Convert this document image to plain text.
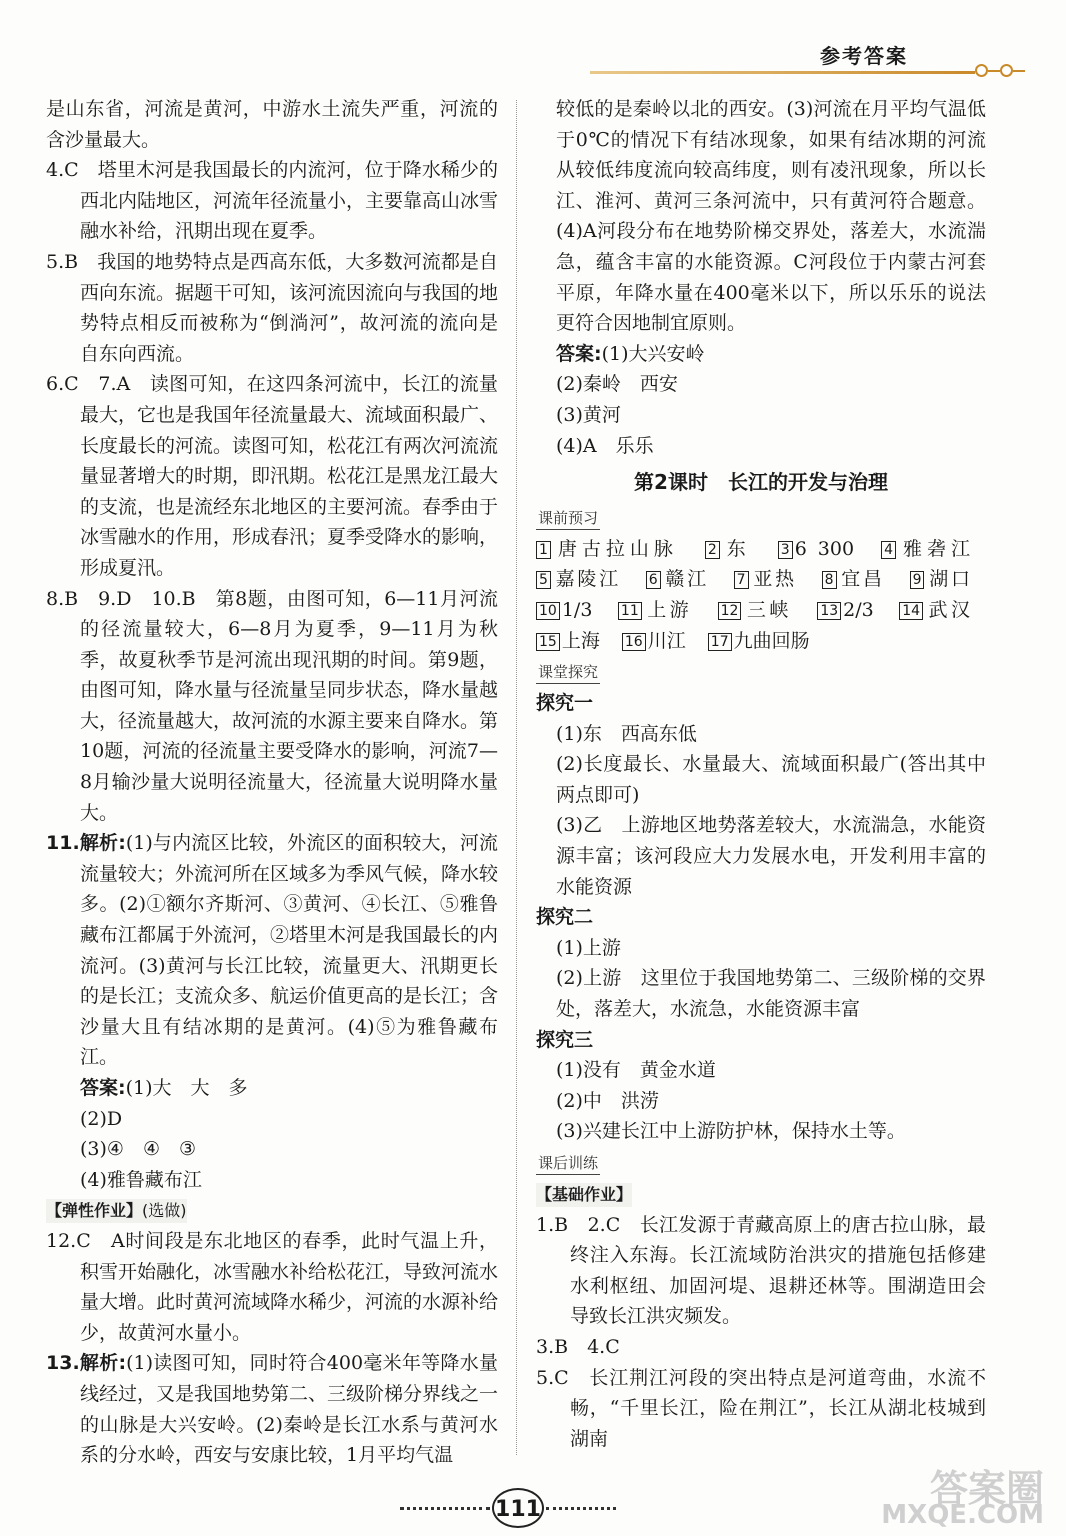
参考答案

是山东省，河流是黄河，中游水土流失严重，河流的含沙量最大。

4.C　塔里木河是我国最长的内流河，位于降水稀少的西北内陆地区，河流年径流量小，主要靠高山冰雪融水补给，汛期出现在夏季。

5.B　我国的地势特点是西高东低，大多数河流都是自西向东流。据题干可知，该河流因流向与我国的地势特点相反而被称为“倒淌河”，故河流的流向是自东向西流。

6.C　7.A　读图可知，在这四条河流中，长江的流量最大，它也是我国年径流量最大、流域面积最广、长度最长的河流。读图可知，松花江有两次河流流量显著增大的时期，即汛期。松花江是黑龙江最大的支流，也是流经东北地区的主要河流。春季由于冰雪融水的作用，形成春汛；夏季受降水的影响，形成夏汛。

8.B　9.D　10.B　第8题，由图可知，6—11月河流的径流量较大，6—8月为夏季，9—11月为秋季，故夏秋季节是河流出现汛期的时间。第9题，由图可知，降水量与径流量呈同步状态，降水量越大，径流量越大，故河流的水源主要来自降水。第10题，河流的径流量主要受降水的影响，河流7—8月输沙量大说明径流量大，径流量大说明降水量大。

11.解析:(1)与内流区比较，外流区的面积较大，河流流量较大；外流河所在区域多为季风气候，降水较多。(2)①额尔齐斯河、③黄河、④长江、⑤雅鲁藏布江都属于外流河，②塔里木河是我国最长的内流河。(3)黄河与长江比较，流量更大、汛期更长的是长江；支流众多、航运价值更高的是长江；含沙量大且有结冰期的是黄河。(4)⑤为雅鲁藏布江。

答案:(1)大　大　多

(2)D

(3)④　④　③

(4)雅鲁藏布江

【弹性作业】(选做)

12.C　A时间段是东北地区的春季，此时气温上升，积雪开始融化，冰雪融水补给松花江，导致河流水量大增。此时黄河流域降水稀少，河流的水源补给少，故黄河水量小。

13.解析:(1)读图可知，同时符合400毫米年等降水量线经过，又是我国地势第二、三级阶梯分界线之一的山脉是大兴安岭。(2)秦岭是长江水系与黄河水系的分水岭，西安与安康比较，1月平均气温

较低的是秦岭以北的西安。(3)河流在月平均气温低于0℃的情况下有结冰现象，如果有结冰期的河流从较低纬度流向较高纬度，则有凌汛现象，所以长江、淮河、黄河三条河流中，只有黄河符合题意。(4)A河段分布在地势阶梯交界处，落差大，水流湍急，蕴含丰富的水能资源。C河段位于内蒙古河套平原，年降水量在400毫米以下，所以乐乐的说法更符合因地制宜原则。

答案:(1)大兴安岭

(2)秦岭　西安

(3)黄河

(4)A　乐乐

第2课时　长江的开发与治理
课前预习
1 唐古拉山脉 2 东 3 6 300 4 雅砻江 5 嘉陵江 6 赣江 7 亚热 8 宜昌 9 湖口 10 1/3 11 上游 12 三峡 13 2/3 14 武汉 15 上海 16 川江 17 九曲回肠
课堂探究

探究一

(1)东　西高东低

(2)长度最长、水量最大、流域面积最广(答出其中两点即可)

(3)乙　上游地区地势落差较大，水流湍急，水能资源丰富；该河段应大力发展水电，开发利用丰富的水能资源

探究二

(1)上游

(2)上游　这里位于我国地势第二、三级阶梯的交界处，落差大，水流急，水能资源丰富

探究三

(1)没有　黄金水道

(2)中　洪涝

(3)兴建长江中上游防护林，保持水土等。

课后训练
【基础作业】

1.B　2.C　长江发源于青藏高原上的唐古拉山脉，最终注入东海。长江流域防治洪灾的措施包括修建水利枢纽、加固河堤、退耕还林等。围湖造田会导致长江洪灾频发。

3.B　4.C

5.C　长江荆江河段的突出特点是河道弯曲，水流不畅，“千里长江，险在荆江”，长江从湖北枝城到湖南

111	答案圈
MXQE.COM
